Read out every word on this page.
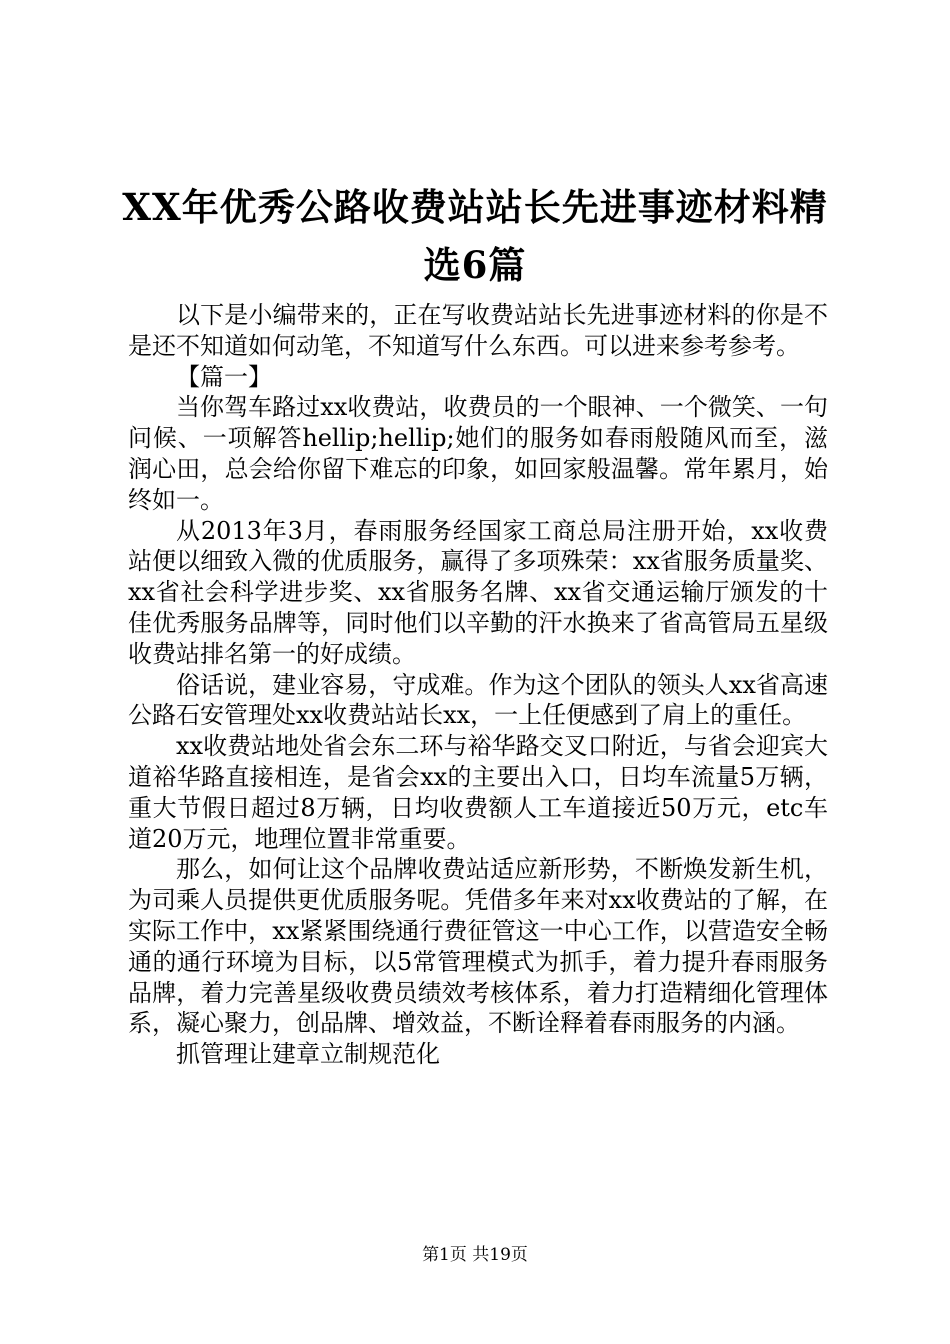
XX年优秀公路收费站站长先进事迹材料精选6篇

以下是小编带来的，正在写收费站站长先进事迹材料的你是不是还不知道如何动笔，不知道写什么东西。可以进来参考参考。

【篇一】

当你驾车路过xx收费站，收费员的一个眼神、一个微笑、一句问候、一项解答hellip;hellip;她们的服务如春雨般随风而至，滋润心田，总会给你留下难忘的印象，如回家般温馨。常年累月，始终如一。

从2013年3月，春雨服务经国家工商总局注册开始，xx收费站便以细致入微的优质服务，赢得了多项殊荣：xx省服务质量奖、xx省社会科学进步奖、xx省服务名牌、xx省交通运输厅颁发的十佳优秀服务品牌等，同时他们以辛勤的汗水换来了省高管局五星级收费站排名第一的好成绩。

俗话说，建业容易，守成难。作为这个团队的领头人xx省高速公路石安管理处xx收费站站长xx，一上任便感到了肩上的重任。

xx收费站地处省会东二环与裕华路交叉口附近，与省会迎宾大道裕华路直接相连，是省会xx的主要出入口，日均车流量5万辆，重大节假日超过8万辆，日均收费额人工车道接近50万元，etc车道20万元，地理位置非常重要。

那么，如何让这个品牌收费站适应新形势，不断焕发新生机，为司乘人员提供更优质服务呢。凭借多年来对xx收费站的了解，在实际工作中，xx紧紧围绕通行费征管这一中心工作，以营造安全畅通的通行环境为目标，以5常管理模式为抓手，着力提升春雨服务品牌，着力完善星级收费员绩效考核体系，着力打造精细化管理体系，凝心聚力，创品牌、增效益，不断诠释着春雨服务的内涵。

抓管理让建章立制规范化

第1页 共19页
